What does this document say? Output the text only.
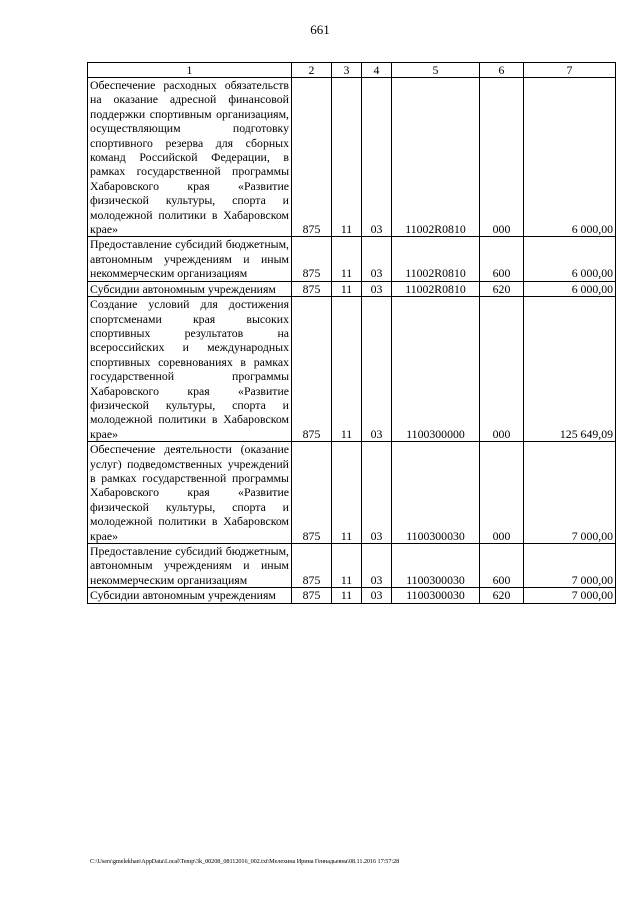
661
1	2	3	4	5	6	7
Обеспечение расходных обязательств на оказание адресной финансовой поддержки спортивным организациям, осуществляющим подготовку спортивного резерва для сборных команд Российской Федерации, в рамках государственной программы Хабаровского края «Развитие физической культуры, спорта и молодежной политики в Хабаровском крае»	875	11	03	11002R0810	000	6 000,00
Предоставление субсидий бюджетным, автономным учреждениям и иным некоммерческим организациям	875	11	03	11002R0810	600	6 000,00
Субсидии автономным учреждениям	875	11	03	11002R0810	620	6 000,00
Создание условий для достижения спортсменами края высоких спортивных результатов на всероссийских и международных спортивных соревнованиях в рамках государственной программы Хабаровского края «Развитие физической культуры, спорта и молодежной политики в Хабаровском крае»	875	11	03	1100300000	000	125 649,09
Обеспечение деятельности (оказание услуг) подведомственных учреждений в рамках государственной программы Хабаровского края «Развитие физической культуры, спорта и молодежной политики в Хабаровском крае»	875	11	03	1100300030	000	7 000,00
Предоставление субсидий бюджетным, автономным учреждениям и иным некоммерческим организациям	875	11	03	1100300030	600	7 000,00
Субсидии автономным учреждениям	875	11	03	1100300030	620	7 000,00
C:\Users\gmelekhan\AppData\Local\Temp\3k_00208_08112016_002.txt\Мелехина Ирина Геннадьевна\08.11.2016 17:57:28
